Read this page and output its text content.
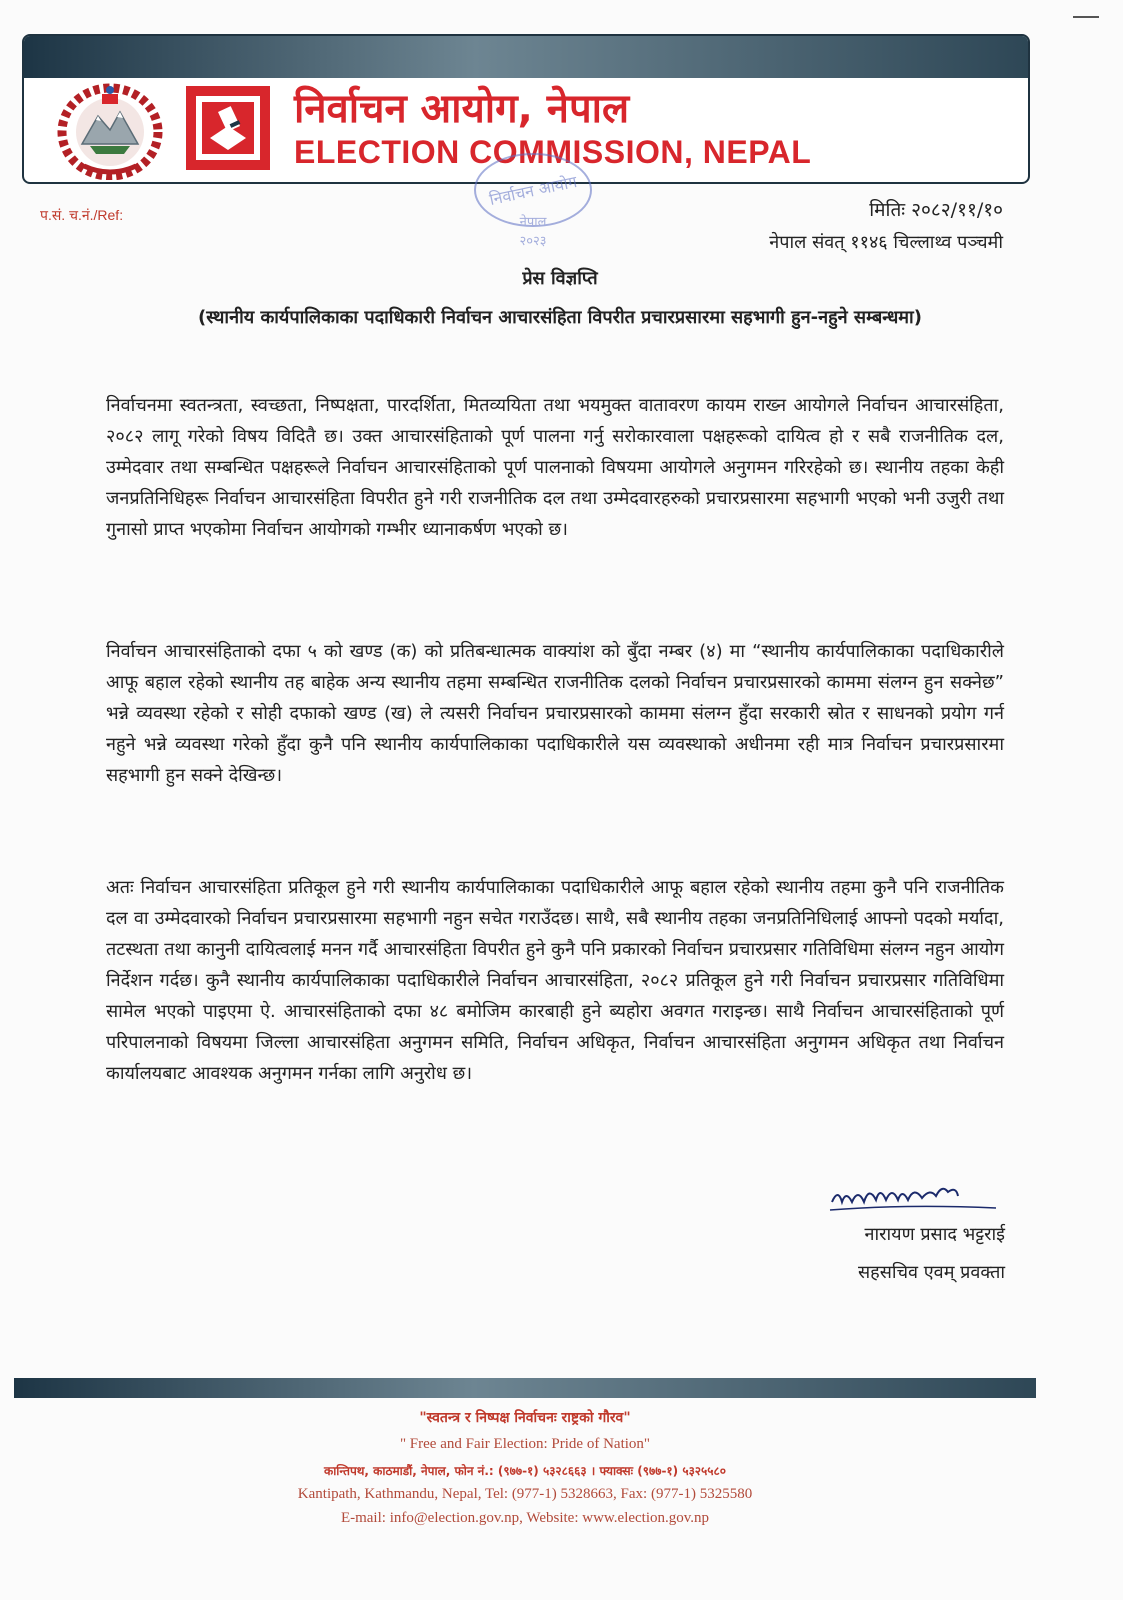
निर्वाचन आयोग, नेपाल
ELECTION COMMISSION, NEPAL
निर्वाचन आयोग
नेपाल
२०२३
प.सं. च.नं./Ref:	मितिः २०८२/११/१०
नेपाल संवत् ११४६ चिल्लाथ्व पञ्चमी
प्रेस विज्ञप्ति
(स्थानीय कार्यपालिकाका पदाधिकारी निर्वाचन आचारसंहिता विपरीत प्रचारप्रसारमा सहभागी हुन-नहुने सम्बन्धमा)

निर्वाचनमा स्वतन्त्रता, स्वच्छता, निष्पक्षता, पारदर्शिता, मितव्ययिता तथा भयमुक्त वातावरण कायम राख्न आयोगले निर्वाचन आचारसंहिता, २०८२ लागू गरेको विषय विदितै छ। उक्त आचारसंहिताको पूर्ण पालना गर्नु सरोकारवाला पक्षहरूको दायित्व हो र सबै राजनीतिक दल, उम्मेदवार तथा सम्बन्धित पक्षहरूले निर्वाचन आचारसंहिताको पूर्ण पालनाको विषयमा आयोगले अनुगमन गरिरहेको छ। स्थानीय तहका केही जनप्रतिनिधिहरू निर्वाचन आचारसंहिता विपरीत हुने गरी राजनीतिक दल तथा उम्मेदवारहरुको प्रचारप्रसारमा सहभागी भएको भनी उजुरी तथा गुनासो प्राप्त भएकोमा निर्वाचन आयोगको गम्भीर ध्यानाकर्षण भएको छ।

निर्वाचन आचारसंहिताको दफा ५ को खण्ड (क) को प्रतिबन्धात्मक वाक्यांश को बुँदा नम्बर (४) मा “स्थानीय कार्यपालिकाका पदाधिकारीले आफू बहाल रहेको स्थानीय तह बाहेक अन्य स्थानीय तहमा सम्बन्धित राजनीतिक दलको निर्वाचन प्रचारप्रसारको काममा संलग्न हुन सक्नेछ” भन्ने व्यवस्था रहेको र सोही दफाको खण्ड (ख) ले त्यसरी निर्वाचन प्रचारप्रसारको काममा संलग्न हुँदा सरकारी स्रोत र साधनको प्रयोग गर्न नहुने भन्ने व्यवस्था गरेको हुँदा कुनै पनि स्थानीय कार्यपालिकाका पदाधिकारीले यस व्यवस्थाको अधीनमा रही मात्र निर्वाचन प्रचारप्रसारमा सहभागी हुन सक्ने देखिन्छ।

अतः निर्वाचन आचारसंहिता प्रतिकूल हुने गरी स्थानीय कार्यपालिकाका पदाधिकारीले आफू बहाल रहेको स्थानीय तहमा कुनै पनि राजनीतिक दल वा उम्मेदवारको निर्वाचन प्रचारप्रसारमा सहभागी नहुन सचेत गराउँदछ। साथै, सबै स्थानीय तहका जनप्रतिनिधिलाई आफ्नो पदको मर्यादा, तटस्थता तथा कानुनी दायित्वलाई मनन गर्दै आचारसंहिता विपरीत हुने कुनै पनि प्रकारको निर्वाचन प्रचारप्रसार गतिविधिमा संलग्न नहुन आयोग निर्देशन गर्दछ। कुनै स्थानीय कार्यपालिकाका पदाधिकारीले निर्वाचन आचारसंहिता, २०८२ प्रतिकूल हुने गरी निर्वाचन प्रचारप्रसार गतिविधिमा सामेल भएको पाइएमा ऐ. आचारसंहिताको दफा ४८ बमोजिम कारबाही हुने ब्यहोरा अवगत गराइन्छ। साथै निर्वाचन आचारसंहिताको पूर्ण परिपालनाको विषयमा जिल्ला आचारसंहिता अनुगमन समिति, निर्वाचन अधिकृत, निर्वाचन आचारसंहिता अनुगमन अधिकृत तथा निर्वाचन कार्यालयबाट आवश्यक अनुगमन गर्नका लागि अनुरोध छ।

नारायण प्रसाद भट्टराई
सहसचिव एवम् प्रवक्ता
"स्वतन्त्र र निष्पक्ष निर्वाचनः राष्ट्रको गौरव"
" Free and Fair Election: Pride of Nation"
कान्तिपथ, काठमाडौं, नेपाल, फोन नं.: (९७७-१) ५३२८६६३ । फ्याक्सः (९७७-१) ५३२५५८०
Kantipath, Kathmandu, Nepal, Tel: (977-1) 5328663, Fax: (977-1) 5325580
E-mail: info@election.gov.np, Website: www.election.gov.np
